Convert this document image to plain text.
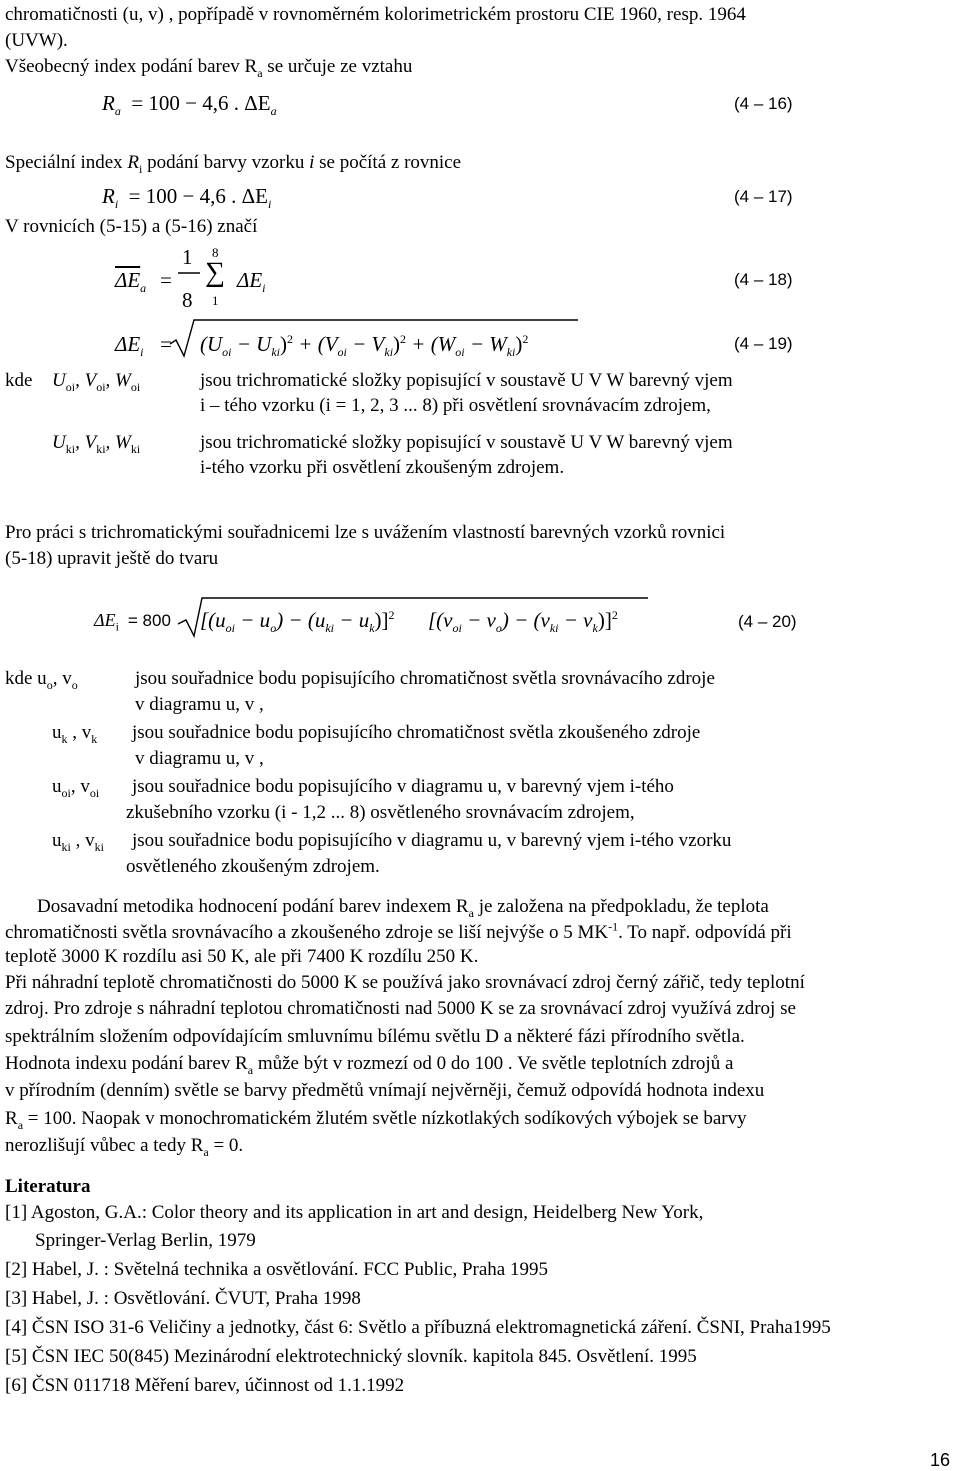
chromatičnosti (u, v) , popřípadě v rovnoměrném kolorimetrickém prostoru CIE 1960, resp. 1964
(UVW).
Všeobecný index podání barev $R_a$ se určuje ze vztahu
$R_a = 100 - 4,6$ . $\Delta E_a$	(4 – 16)
Speciální index $R_i$ podání barvy vzorku i se počítá z rovnice
$R_i = 100 - 4,6$ . $\Delta E_i$	(4 – 17)
V rovnicích (5-15) a (5-16) značí
$\overline{\Delta E}_a$ =
1
8
8
∑
1
$\Delta E_i$	(4 – 18)
$\Delta E_i = (U_{oi} - U_{ki})^2 + (V_{oi} - V_{ki})^2 + (W_{oi} - W_{ki})^2$	(4 – 19)
kde $U_{oi}$, $V_{oi}$, $W_{oi}$	jsou trichromatické složky popisující v soustavě U V W barevný vjem
i – tého vzorku (i = 1, 2, 3 ... 8) při osvětlení srovnávacím zdrojem,
$U_{ki}$, $V_{ki}$, $W_{ki}$	jsou trichromatické složky popisující v soustavě U V W barevný vjem
i-tého vzorku při osvětlení zkoušeným zdrojem.
Pro práci s trichromatickými souřadnicemi lze s uvážením vlastností barevných vzorků rovnici
(5-18) upravit ještě do tvaru
$\Delta E_i = 800$ $[(u_{oi} - u_o) - (u_{ki} - u_k)]^2$ $[(v_{oi} - v_o) - (v_{ki} - v_k)]^2$	(4 – 20)
kde $u_o$, $v_o$	jsou souřadnice bodu popisujícího chromatičnost světla srovnávacího zdroje
v diagramu u, v ,
$u_k$ , $v_k$ jsou souřadnice bodu popisujícího chromatičnost světla zkoušeného zdroje
v diagramu u, v ,
$u_{oi}$, $v_{oi}$ jsou souřadnice bodu popisujícího v diagramu u, v barevný vjem i-tého
zkušebního vzorku (i - 1,2 ... 8) osvětleného srovnávacím zdrojem,
$u_{ki}$ , $v_{ki}$ jsou souřadnice bodu popisujícího v diagramu u, v barevný vjem i-tého vzorku
osvětleného zkoušeným zdrojem.
Dosavadní metodika hodnocení podání barev indexem $R_a$ je založena na předpokladu, že teplota
chromatičnosti světla srovnávacího a zkoušeného zdroje se liší nejvýše o 5 $MK^{-1}$. To např. odpovídá při
teplotě 3000 K rozdílu asi 50 K, ale při 7400 K rozdílu 250 K.
Při náhradní teplotě chromatičnosti do 5000 K se používá jako srovnávací zdroj černý zářič, tedy teplotní
zdroj. Pro zdroje s náhradní teplotou chromatičnosti nad 5000 K se za srovnávací zdroj využívá zdroj se
spektrálním složením odpovídajícím smluvnímu bílému světlu D a některé fázi přírodního světla.
Hodnota indexu podání barev $R_a$ může být v rozmezí od 0 do 100 . Ve světle teplotních zdrojů a
v přírodním (denním) světle se barvy předmětů vnímají nejvěrněji, čemuž odpovídá hodnota indexu
$R_a = 100$. Naopak v monochromatickém žlutém světle nízkotlakých sodíkových výbojek se barvy
nerozlišují vůbec a tedy $R_a = 0$.
Literatura
[1] Agoston, G.A.: Color theory and its application in art and design, Heidelberg New York,
Springer-Verlag Berlin, 1979
[2] Habel, J. : Světelná technika a osvětlování. FCC Public, Praha 1995
[3] Habel, J. : Osvětlování. ČVUT, Praha 1998
[4] ČSN ISO 31-6 Veličiny a jednotky, část 6: Světlo a příbuzná elektromagnetická záření. ČSNI, Praha1995
[5] ČSN IEC 50(845) Mezinárodní elektrotechnický slovník. kapitola 845. Osvětlení. 1995
[6] ČSN 011718 Měření barev, účinnost od 1.1.1992
16
